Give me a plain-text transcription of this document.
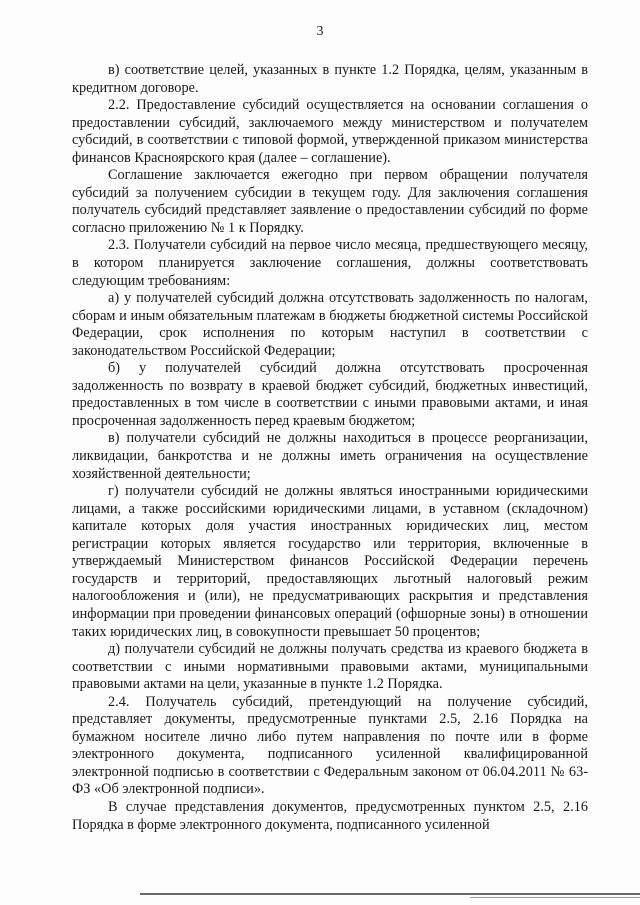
3

в) соответствие целей, указанных в пункте 1.2 Порядка, целям, указанным в кредитном договоре.

2.2. Предоставление субсидий осуществляется на основании соглашения о предоставлении субсидий, заключаемого между министерством и получателем субсидий, в соответствии с типовой формой, утвержденной приказом министерства финансов Красноярского края (далее – соглашение).

Соглашение заключается ежегодно при первом обращении получателя субсидий за получением субсидии в текущем году. Для заключения соглашения получатель субсидий представляет заявление о предоставлении субсидий по форме согласно приложению № 1 к Порядку.

2.3. Получатели субсидий на первое число месяца, предшествующего месяцу, в котором планируется заключение соглашения, должны соответствовать следующим требованиям:

а) у получателей субсидий должна отсутствовать задолженность по налогам, сборам и иным обязательным платежам в бюджеты бюджетной системы Российской Федерации, срок исполнения по которым наступил в соответствии с законодательством Российской Федерации;

б) у получателей субсидий должна отсутствовать просроченная задолженность по возврату в краевой бюджет субсидий, бюджетных инвестиций, предоставленных в том числе в соответствии с иными правовыми актами, и иная просроченная задолженность перед краевым бюджетом;

в) получатели субсидий не должны находиться в процессе реорганизации, ликвидации, банкротства и не должны иметь ограничения на осуществление хозяйственной деятельности;

г) получатели субсидий не должны являться иностранными юридическими лицами, а также российскими юридическими лицами, в уставном (складочном) капитале которых доля участия иностранных юридических лиц, местом регистрации которых является государство или территория, включенные в утверждаемый Министерством финансов Российской Федерации перечень государств и территорий, предоставляющих льготный налоговый режим налогообложения и (или), не предусматривающих раскрытия и представления информации при проведении финансовых операций (офшорные зоны) в отношении таких юридических лиц, в совокупности превышает 50 процентов;

д) получатели субсидий не должны получать средства из краевого бюджета в соответствии с иными нормативными правовыми актами, муниципальными правовыми актами на цели, указанные в пункте 1.2 Порядка.

2.4. Получатель субсидий, претендующий на получение субсидий, представляет документы, предусмотренные пунктами 2.5, 2.16 Порядка на бумажном носителе лично либо путем направления по почте или в форме электронного документа, подписанного усиленной квалифицированной электронной подписью в соответствии с Федеральным законом от 06.04.2011 № 63-ФЗ «Об электронной подписи».

В случае представления документов, предусмотренных пунктом 2.5, 2.16 Порядка в форме электронного документа, подписанного усиленной
